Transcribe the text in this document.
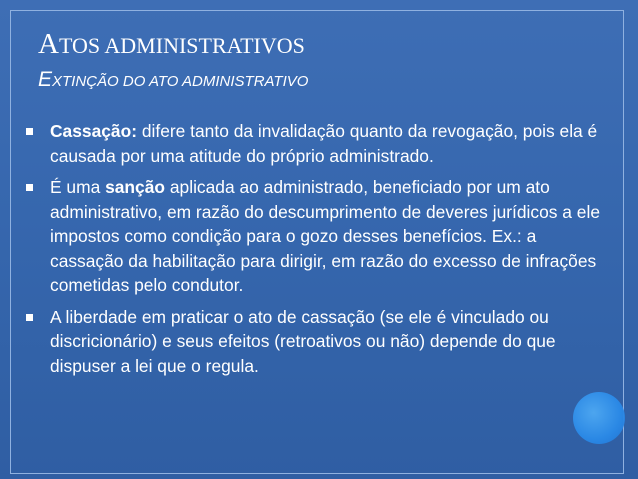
ATOS ADMINISTRATIVOS
EXTINÇÃO DO ATO ADMINISTRATIVO
Cassação: difere tanto da invalidação quanto da revogação, pois ela é causada por uma atitude do próprio administrado.
É uma sanção aplicada ao administrado, beneficiado por um ato administrativo, em razão do descumprimento de deveres jurídicos a ele impostos como condição para o gozo desses benefícios. Ex.: a cassação da habilitação para dirigir, em razão do excesso de infrações cometidas pelo condutor.
A liberdade em praticar o ato de cassação (se ele é vinculado ou discricionário) e seus efeitos (retroativos ou não) depende do que dispuser a lei que o regula.
